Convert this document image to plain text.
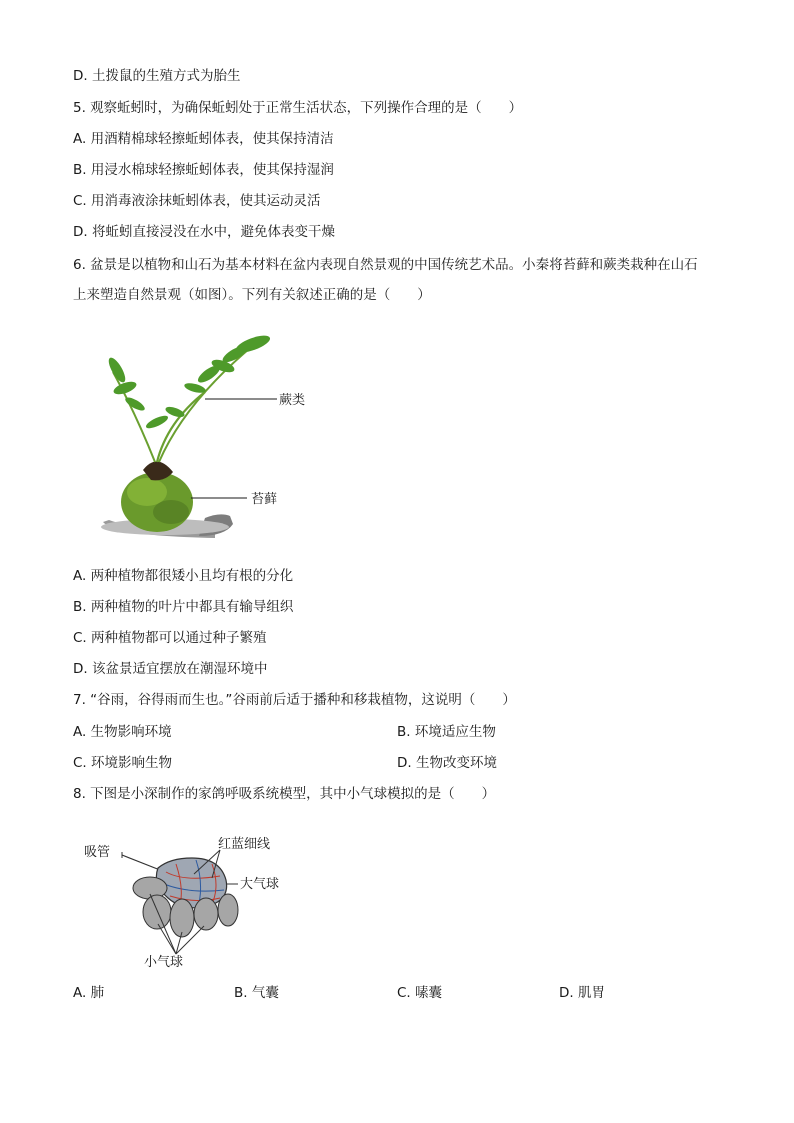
D. 土拨鼠的生殖方式为胎生
5. 观察蚯蚓时，为确保蚯蚓处于正常生活状态，下列操作合理的是（　　）
A. 用酒精棉球轻擦蚯蚓体表，使其保持清洁
B. 用浸水棉球轻擦蚯蚓体表，使其保持湿润
C. 用消毒液涂抹蚯蚓体表，使其运动灵活
D. 将蚯蚓直接浸没在水中，避免体表变干燥
6. 盆景是以植物和山石为基本材料在盆内表现自然景观的中国传统艺术品。小秦将苔藓和蕨类栽种在山石
上来塑造自然景观（如图）。下列有关叙述正确的是（　　）
蕨类
苔藓
A. 两种植物都很矮小且均有根的分化
B. 两种植物的叶片中都具有输导组织
C. 两种植物都可以通过种子繁殖
D. 该盆景适宜摆放在潮湿环境中
7. “谷雨，谷得雨而生也。”谷雨前后适于播种和移栽植物，这说明（　　）
A. 生物影响环境	B. 环境适应生物
C. 环境影响生物	D. 生物改变环境
8. 下图是小深制作的家鸽呼吸系统模型，其中小气球模拟的是（　　）
吸管
红蓝细线
大气球
小气球
A. 肺	B. 气囊	C. 嗉囊	D. 肌胃
